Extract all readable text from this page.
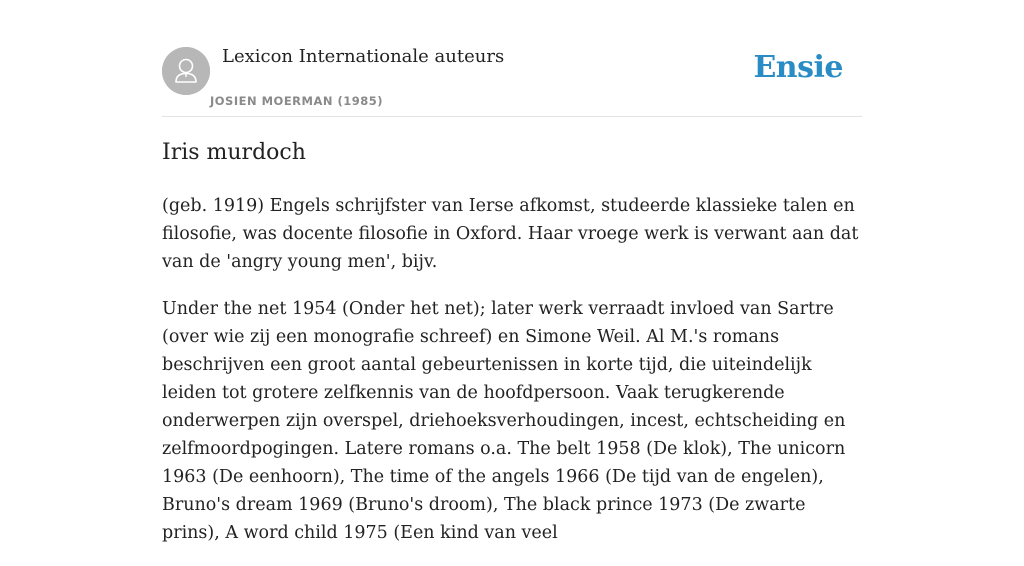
Lexicon Internationale auteurs
JOSIEN MOERMAN (1985)
Ensie
Iris murdoch

(geb. 1919) Engels schrijfster van Ierse afkomst, studeerde klassieke talen en filosofie, was docente filosofie in Oxford. Haar vroege werk is verwant aan dat van de 'angry young men', bijv.

Under the net 1954 (Onder het net); later werk verraadt invloed van Sartre (over wie zij een monografie schreef) en Simone Weil. Al M.'s romans beschrijven een groot aantal gebeurtenissen in korte tijd, die uiteindelijk leiden tot grotere zelfkennis van de hoofdpersoon. Vaak terugkerende onderwerpen zijn overspel, driehoeksverhoudingen, incest, echtscheiding en zelfmoordpogingen. Latere romans o.a. The belt 1958 (De klok), The unicorn 1963 (De eenhoorn), The time of the angels 1966 (De tijd van de engelen), Bruno's dream 1969 (Bruno's droom), The black prince 1973 (De zwarte prins), A word child 1975 (Een kind van veel
